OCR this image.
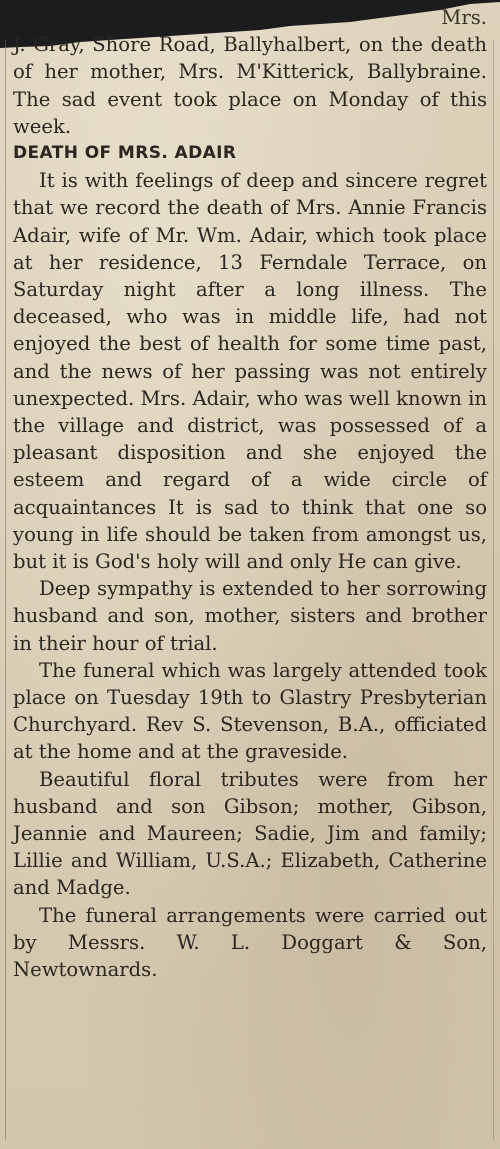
Mrs.

J. Gray, Shore Road, Ballyhalbert, on the death of her mother, Mrs. M'Kitterick, Ballybraine. The sad event took place on Monday of this week.

DEATH OF MRS. ADAIR

It is with feelings of deep and sincere regret that we record the death of Mrs. Annie Francis Adair, wife of Mr. Wm. Adair, which took place at her residence, 13 Ferndale Terrace, on Saturday night after a long illness. The deceased, who was in middle life, had not enjoyed the best of health for some time past, and the news of her passing was not entirely unexpected. Mrs. Adair, who was well known in the village and district, was possessed of a pleasant disposition and she enjoyed the esteem and regard of a wide circle of acquaintances It is sad to think that one so young in life should be taken from amongst us, but it is God's holy will and only He can give.

Deep sympathy is extended to her sorrowing husband and son, mother, sisters and brother in their hour of trial.

The funeral which was largely attended took place on Tuesday 19th to Glastry Presbyterian Churchyard. Rev S. Stevenson, B.A., officiated at the home and at the graveside.

Beautiful floral tributes were from her husband and son Gibson; mother, Gibson, Jeannie and Maureen; Sadie, Jim and family; Lillie and William, U.S.A.; Elizabeth, Catherine and Madge.

The funeral arrangements were carried out by Messrs. W. L. Doggart & Son, Newtownards.
